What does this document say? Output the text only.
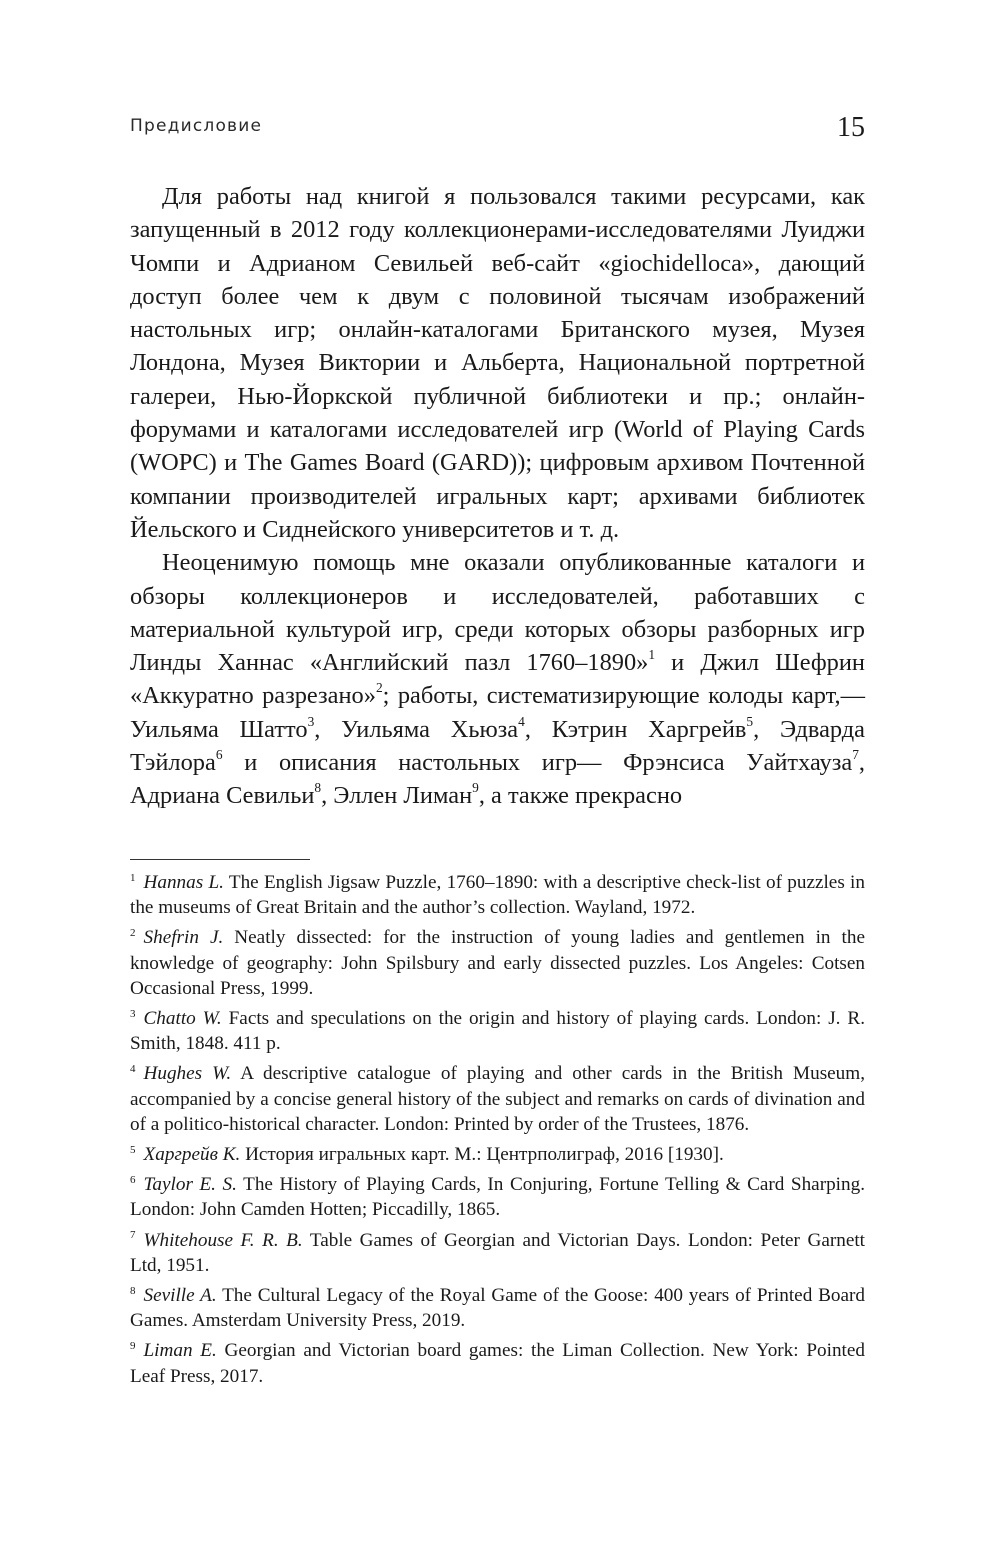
Предисловие	15

Для работы над книгой я пользовался такими ресурсами, как запущенный в 2012 году коллекционерами-исследователями Луиджи Чомпи и Адрианом Севильей веб-сайт «giochidelloca», дающий доступ более чем к двум с половиной тысячам изображений настольных игр; онлайн-каталогами Британского музея, Музея Лондона, Музея Виктории и Альберта, Национальной портретной галереи, Нью-Йоркской публичной библиотеки и пр.; онлайн-форумами и каталогами исследователей игр (World of Playing Cards (WOPC) и The Games Board (GARD)); цифровым архивом Почтенной компании производителей игральных карт; архивами библиотек Йельского и Сиднейского университетов и т. д.

Неоценимую помощь мне оказали опубликованные каталоги и обзоры коллекционеров и исследователей, работавших с материальной культурой игр, среди которых обзоры разборных игр Линды Ханнас «Английский пазл 1760–1890»$^1$ и Джил Шефрин «Аккуратно разрезано»$^2$; работы, систематизирующие колоды карт,— Уильяма Шатто$^3$, Уильяма Хьюза$^4$, Кэтрин Харгрейв$^5$, Эдварда Тэйлора$^6$ и описания настольных игр— Фрэнсиса Уайтхауза$^7$, Адриана Севильи$^8$, Эллен Лиман$^9$, а также прекрасно

$^1$ Hannas L. The English Jigsaw Puzzle, 1760–1890: with a descriptive check-list of puzzles in the museums of Great Britain and the author’s collection. Wayland, 1972.

$^2$ Shefrin J. Neatly dissected: for the instruction of young ladies and gentlemen in the knowledge of geography: John Spilsbury and early dissected puzzles. Los Angeles: Cotsen Occasional Press, 1999.

$^3$ Chatto W. Facts and speculations on the origin and history of playing cards. London: J. R. Smith, 1848. 411 p.

$^4$ Hughes W. A descriptive catalogue of playing and other cards in the British Museum, accompanied by a concise general history of the subject and remarks on cards of divination and of a politico-historical character. London: Printed by order of the Trustees, 1876.

$^5$ Харгрейв К. История игральных карт. М.: Центрполиграф, 2016 [1930].

$^6$ Taylor E. S. The History of Playing Cards, In Conjuring, Fortune Telling & Card Sharping. London: John Camden Hotten; Piccadilly, 1865.

$^7$ Whitehouse F. R. B. Table Games of Georgian and Victorian Days. London: Peter Garnett Ltd, 1951.

$^8$ Seville A. The Cultural Legacy of the Royal Game of the Goose: 400 years of Printed Board Games. Amsterdam University Press, 2019.

$^9$ Liman E. Georgian and Victorian board games: the Liman Collection. New York: Pointed Leaf Press, 2017.
